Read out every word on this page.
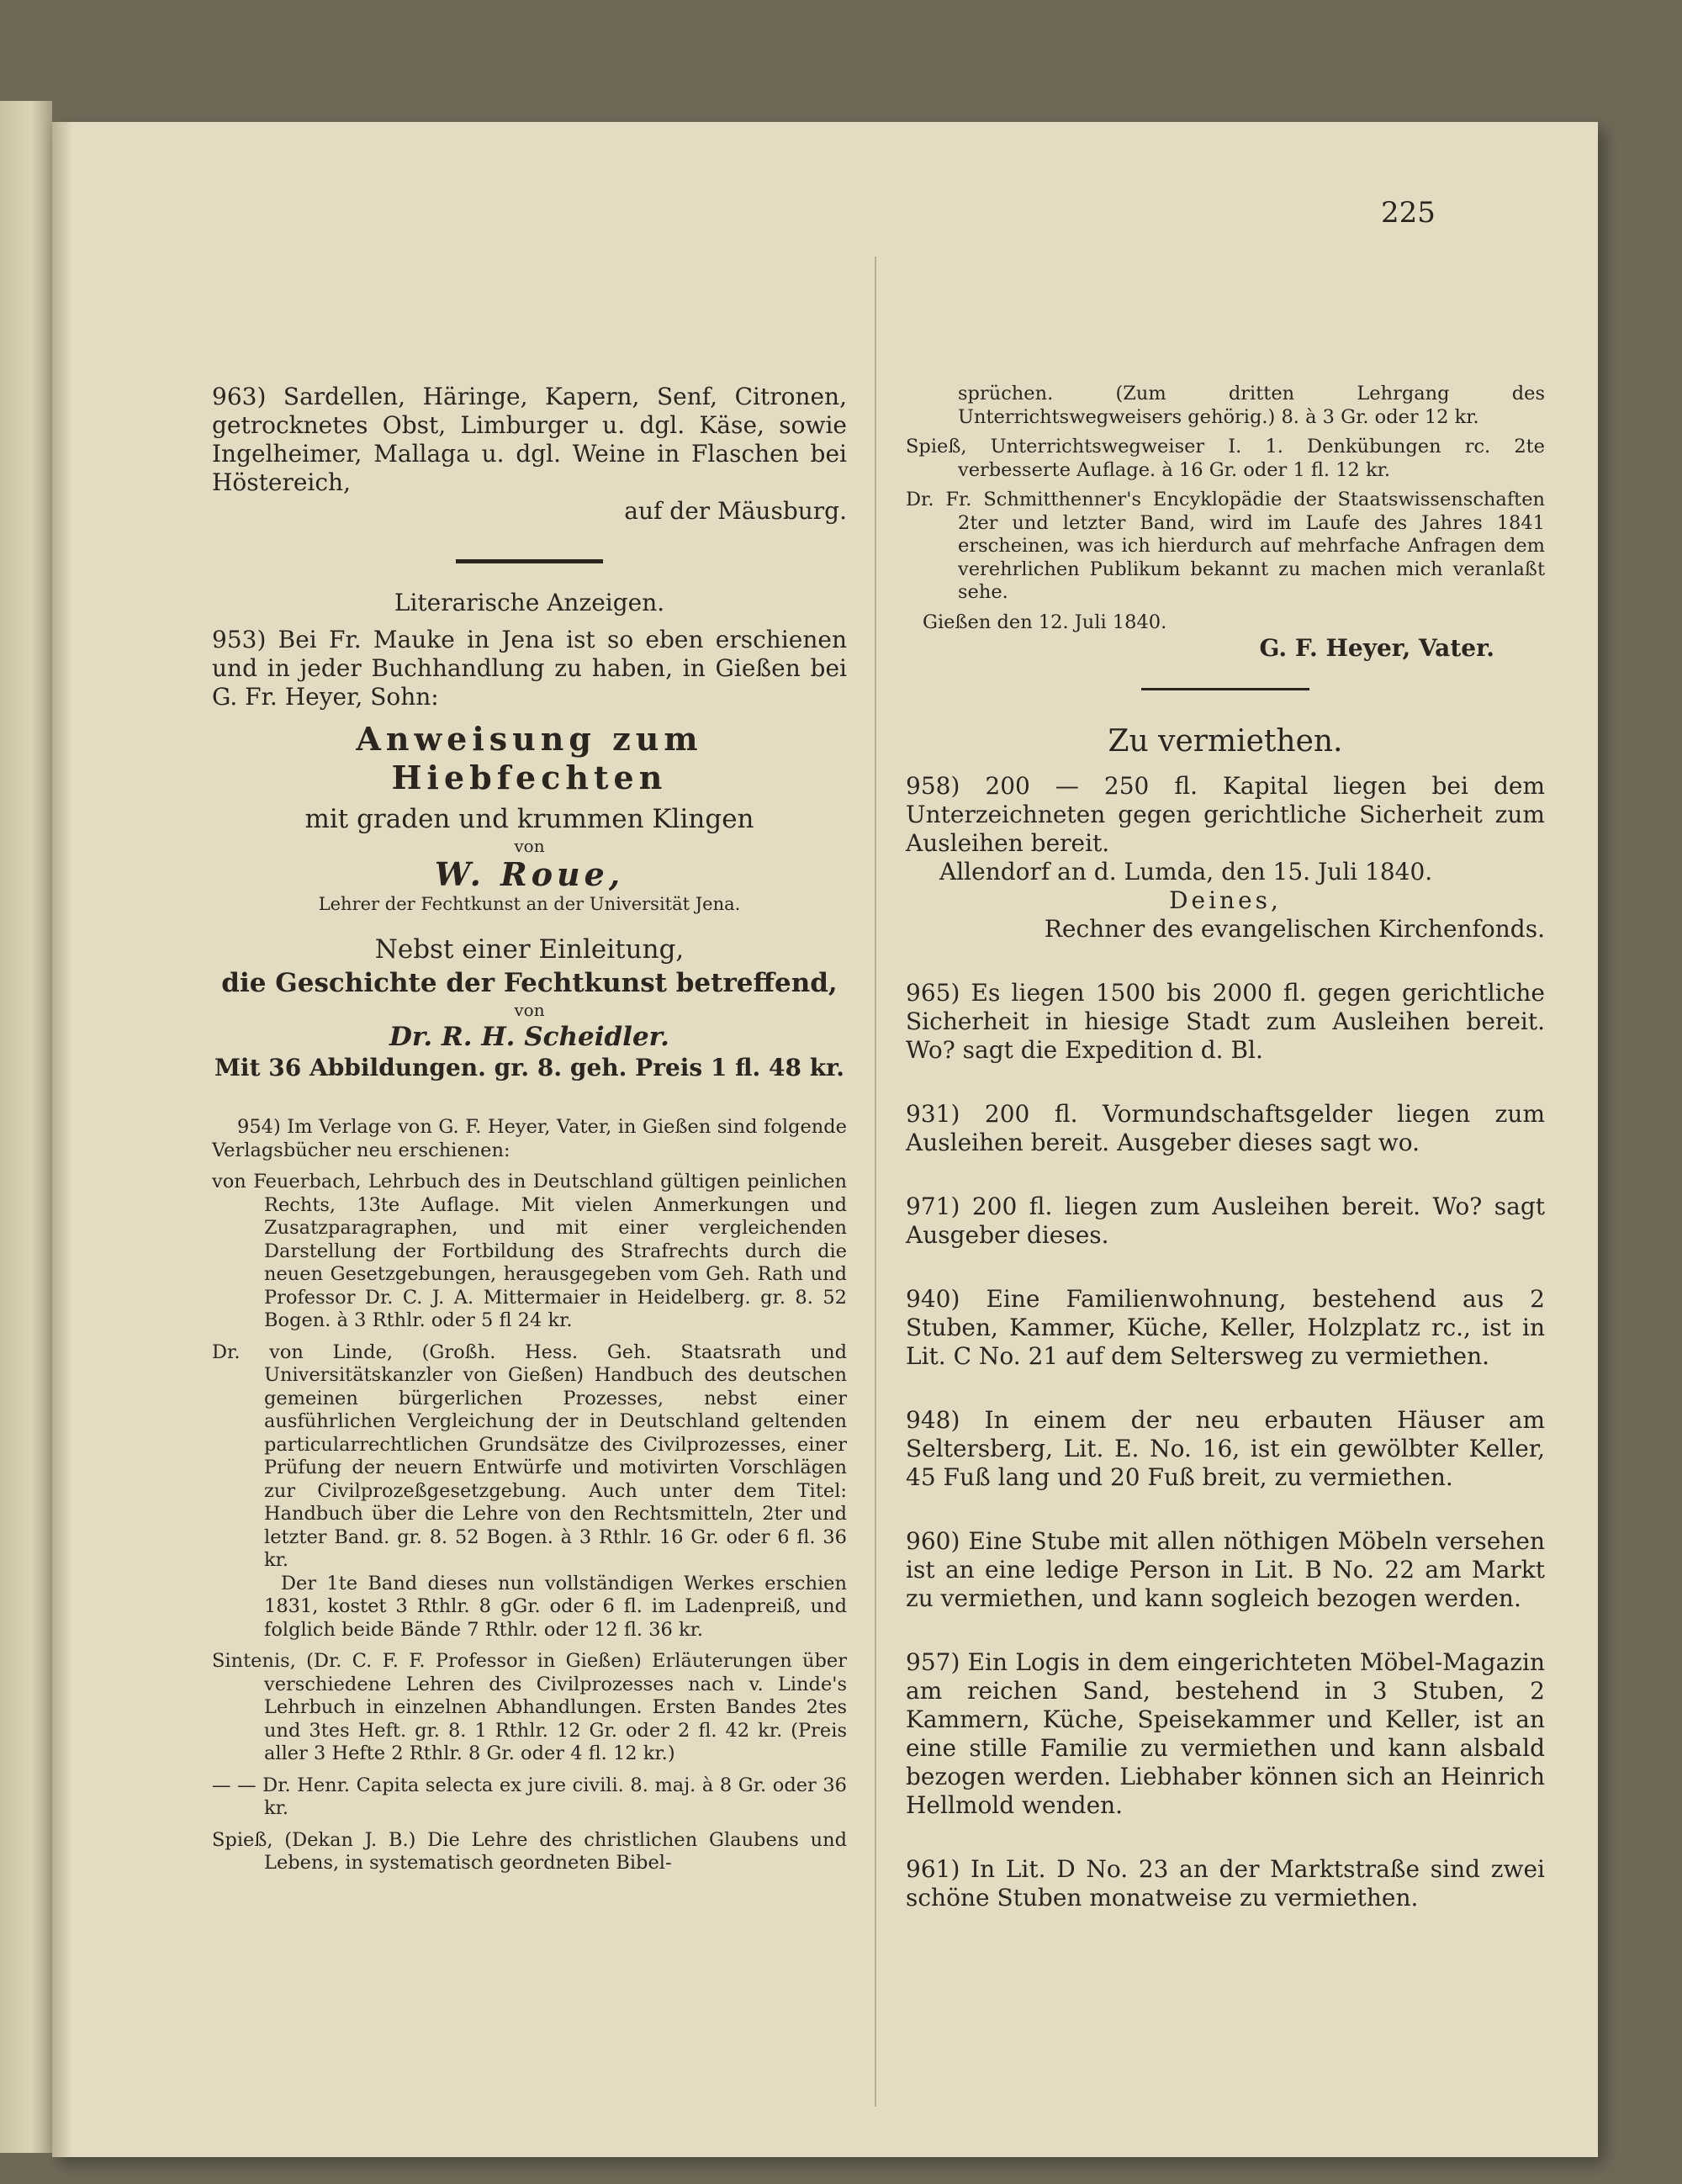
225

963) Sardellen, Häringe, Kapern, Senf, Citronen, getrocknetes Obst, Limburger u. dgl. Käse, sowie Ingelheimer, Mallaga u. dgl. Weine in Flaschen bei Höstereich,

auf der Mäusburg.

Literarische Anzeigen.

953) Bei Fr. Mauke in Jena ist so eben erschienen und in jeder Buchhandlung zu haben, in Gießen bei G. Fr. Heyer, Sohn:

Anweisung zum Hiebfechten

mit graden und krummen Klingen

von

W. Roue,

Lehrer der Fechtkunst an der Universität Jena.

Nebst einer Einleitung,

die Geschichte der Fechtkunst betreffend,

von

Dr. R. H. Scheidler.

Mit 36 Abbildungen. gr. 8. geh. Preis 1 fl. 48 kr.

954) Im Verlage von G. F. Heyer, Vater, in Gießen sind folgende Verlagsbücher neu erschienen:

von Feuerbach, Lehrbuch des in Deutschland gültigen peinlichen Rechts, 13te Auflage. Mit vielen Anmerkungen und Zusatzparagraphen, und mit einer vergleichenden Darstellung der Fortbildung des Strafrechts durch die neuen Gesetzgebungen, herausgegeben vom Geh. Rath und Professor Dr. C. J. A. Mittermaier in Heidelberg. gr. 8. 52 Bogen. à 3 Rthlr. oder 5 fl 24 kr.

Dr. von Linde, (Großh. Hess. Geh. Staatsrath und Universitätskanzler von Gießen) Handbuch des deutschen gemeinen bürgerlichen Prozesses, nebst einer ausführlichen Vergleichung der in Deutschland geltenden particularrechtlichen Grundsätze des Civilprozesses, einer Prüfung der neuern Entwürfe und motivirten Vorschlägen zur Civilprozeßgesetzgebung. Auch unter dem Titel: Handbuch über die Lehre von den Rechtsmitteln, 2ter und letzter Band. gr. 8. 52 Bogen. à 3 Rthlr. 16 Gr. oder 6 fl. 36 kr.

Der 1te Band dieses nun vollständigen Werkes erschien 1831, kostet 3 Rthlr. 8 gGr. oder 6 fl. im Ladenpreiß, und folglich beide Bände 7 Rthlr. oder 12 fl. 36 kr.

Sintenis, (Dr. C. F. F. Professor in Gießen) Erläuterungen über verschiedene Lehren des Civilprozesses nach v. Linde's Lehrbuch in einzelnen Abhandlungen. Ersten Bandes 2tes und 3tes Heft. gr. 8. 1 Rthlr. 12 Gr. oder 2 fl. 42 kr. (Preis aller 3 Hefte 2 Rthlr. 8 Gr. oder 4 fl. 12 kr.)

— — Dr. Henr. Capita selecta ex jure civili. 8. maj. à 8 Gr. oder 36 kr.

Spieß, (Dekan J. B.) Die Lehre des christlichen Glaubens und Lebens, in systematisch geordneten Bibel-

sprüchen. (Zum dritten Lehrgang des Unterrichtswegweisers gehörig.) 8. à 3 Gr. oder 12 kr.

Spieß, Unterrichtswegweiser I. 1. Denkübungen rc. 2te verbesserte Auflage. à 16 Gr. oder 1 fl. 12 kr.

Dr. Fr. Schmitthenner's Encyklopädie der Staatswissenschaften 2ter und letzter Band, wird im Laufe des Jahres 1841 erscheinen, was ich hierdurch auf mehrfache Anfragen dem verehrlichen Publikum bekannt zu machen mich veranlaßt sehe.

Gießen den 12. Juli 1840.

G. F. Heyer, Vater.

Zu vermiethen.

958) 200 — 250 fl. Kapital liegen bei dem Unterzeichneten gegen gerichtliche Sicherheit zum Ausleihen bereit.

Allendorf an d. Lumda, den 15. Juli 1840.

Deines,

Rechner des evangelischen Kirchenfonds.

965) Es liegen 1500 bis 2000 fl. gegen gerichtliche Sicherheit in hiesige Stadt zum Ausleihen bereit. Wo? sagt die Expedition d. Bl.

931) 200 fl. Vormundschaftsgelder liegen zum Ausleihen bereit. Ausgeber dieses sagt wo.

971) 200 fl. liegen zum Ausleihen bereit. Wo? sagt Ausgeber dieses.

940) Eine Familienwohnung, bestehend aus 2 Stuben, Kammer, Küche, Keller, Holzplatz rc., ist in Lit. C No. 21 auf dem Seltersweg zu vermiethen.

948) In einem der neu erbauten Häuser am Seltersberg, Lit. E. No. 16, ist ein gewölbter Keller, 45 Fuß lang und 20 Fuß breit, zu vermiethen.

960) Eine Stube mit allen nöthigen Möbeln versehen ist an eine ledige Person in Lit. B No. 22 am Markt zu vermiethen, und kann sogleich bezogen werden.

957) Ein Logis in dem eingerichteten Möbel-Magazin am reichen Sand, bestehend in 3 Stuben, 2 Kammern, Küche, Speisekammer und Keller, ist an eine stille Familie zu vermiethen und kann alsbald bezogen werden. Liebhaber können sich an Heinrich Hellmold wenden.

961) In Lit. D No. 23 an der Marktstraße sind zwei schöne Stuben monatweise zu vermiethen.
